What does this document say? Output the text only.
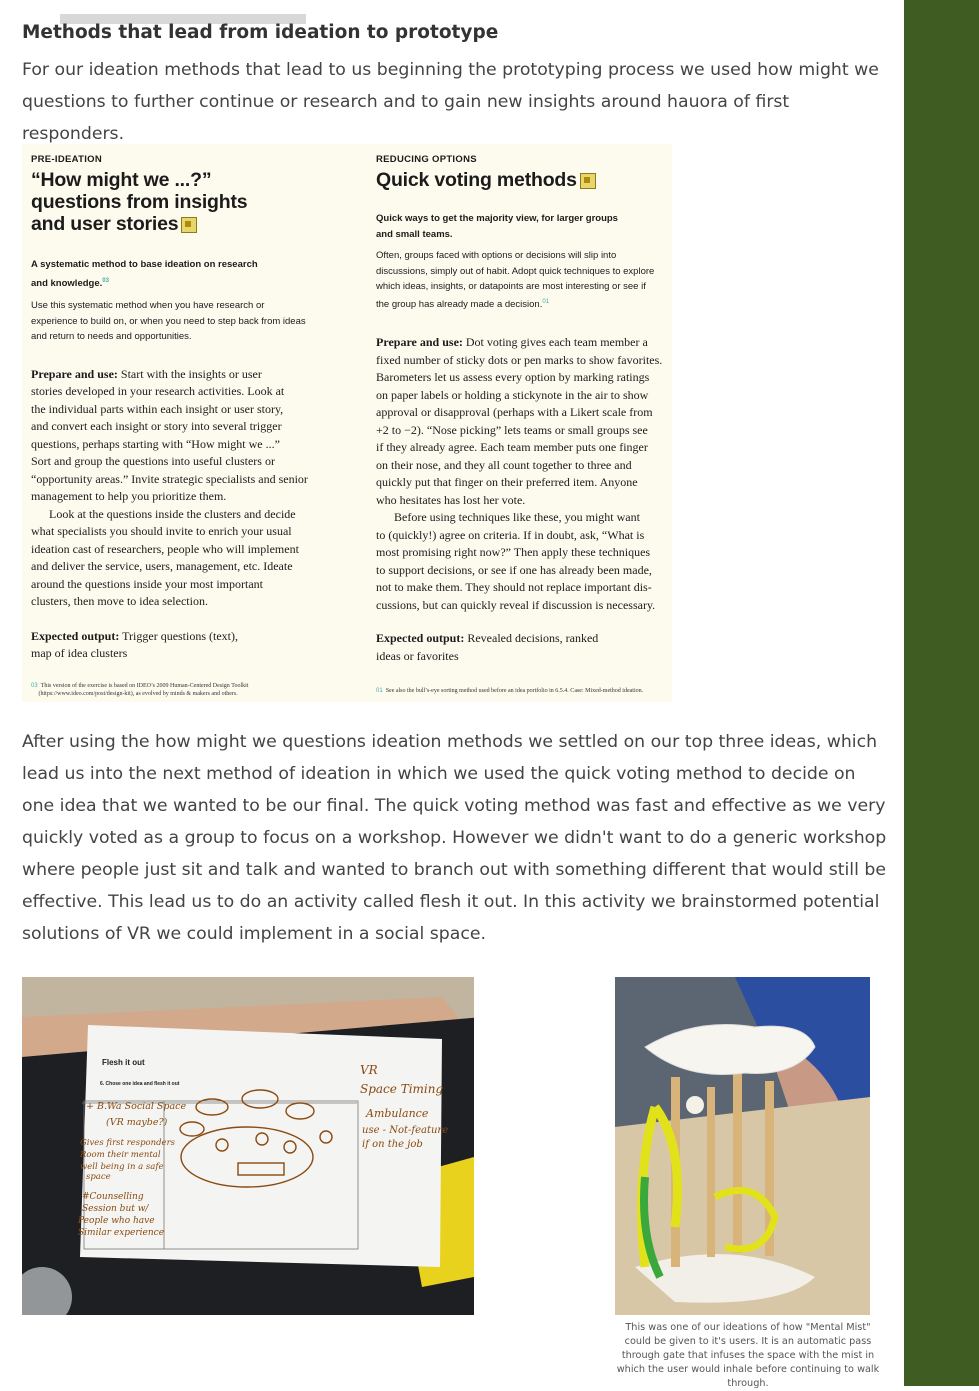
Methods that lead from ideation to prototype

For our ideation methods that lead to us beginning the prototyping process we used how might we questions to further continue or research and to gain new insights around hauora of first responders.

PRE-IDEATION

“How might we ...?”
questions from insights
and user stories

A systematic method to base ideation on research
and knowledge.$^{03}$

Use this systematic method when you have research or
experience to build on, or when you need to step back from ideas
and return to needs and opportunities.

Prepare and use: Start with the insights or user
stories developed in your research activities. Look at
the individual parts within each insight or user story,
and convert each insight or story into several trigger
questions, perhaps starting with “How might we ...”
Sort and group the questions into useful clusters or
“opportunity areas.” Invite strategic specialists and senior
management to help you prioritize them.
Look at the questions inside the clusters and decide
what specialists you should invite to enrich your usual
ideation cast of researchers, people who will implement
and deliver the service, users, management, etc. Ideate
around the questions inside your most important
clusters, then move to idea selection.

Expected output: Trigger questions (text),
map of idea clusters

03 This version of the exercise is based on IDEO’s 2009 Human-Centered Design Toolkit
(https://www.ideo.com/post/design-kit), as evolved by minds & makers and others.

REDUCING OPTIONS

Quick voting methods

Quick ways to get the majority view, for larger groups
and small teams.

Often, groups faced with options or decisions will slip into
discussions, simply out of habit. Adopt quick techniques to explore
which ideas, insights, or datapoints are most interesting or see if
the group has already made a decision.$^{01}$

Prepare and use: Dot voting gives each team member a
fixed number of sticky dots or pen marks to show favorites.
Barometers let us assess every option by marking ratings
on paper labels or holding a stickynote in the air to show
approval or disapproval (perhaps with a Likert scale from
+2 to −2). “Nose picking” lets teams or small groups see
if they already agree. Each team member puts one finger
on their nose, and they all count together to three and
quickly put that finger on their preferred item. Anyone
who hesitates has lost her vote.
Before using techniques like these, you might want
to (quickly!) agree on criteria. If in doubt, ask, “What is
most promising right now?” Then apply these techniques
to support decisions, or see if one has already been made,
not to make them. They should not replace important dis-
cussions, but can quickly reveal if discussion is necessary.

Expected output: Revealed decisions, ranked
ideas or favorites

01 See also the bull’s-eye sorting method used before an idea portfolio in 6.5.4. Case: Mixed-method ideation.

After using the how might we questions ideation methods we settled on our top three ideas, which lead us into the next method of ideation in which we used the quick voting method to decide on one idea that we wanted to be our final. The quick voting method was fast and effective as we very quickly voted as a group to focus on a workshop. However we didn't want to do a generic workshop where people just sit and talk and wanted to branch out with something different that would still be effective. This lead us to do an activity called flesh it out. In this activity we brainstormed potential solutions of VR we could implement in a social space.

Flesh it out
6. Chose one idea and flesh it out
VR
Space Timing
Ambulance
use - Not-feature
if on the job
+ B.Wa Social Space
(VR maybe?)
Gives first responders
Room their mental
well being in a safe
space
#Counselling
Session but w/
People who have
Similar experience

This was one of our ideations of how "Mental Mist" could be given to it's users. It is an automatic pass through gate that infuses the space with the mist in which the user would inhale before continuing to walk through.
